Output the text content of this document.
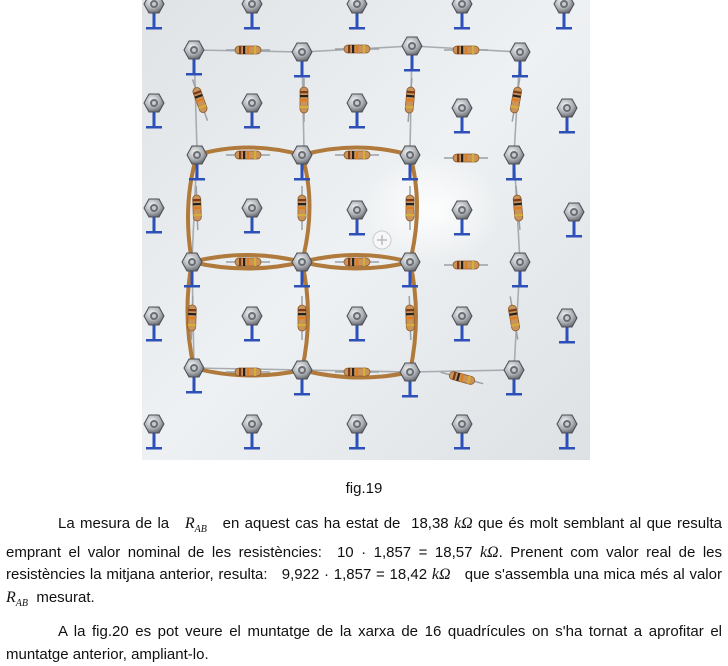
fig.19
La mesura de la $R_{AB}$ en aquest cas ha estat de 18,38 kΩ que és molt semblant al que resulta emprant el valor nominal de les resistències: 10 · 1,857 = 18,57 kΩ. Prenent com valor real de les resistències la mitjana anterior, resulta: 9,922 · 1,857 = 18,42 kΩ que s'assembla una mica més al valor $R_{AB}$ mesurat.
A la fig.20 es pot veure el muntatge de la xarxa de 16 quadrícules on s'ha tornat a aprofitar el muntatge anterior, ampliant-lo.
